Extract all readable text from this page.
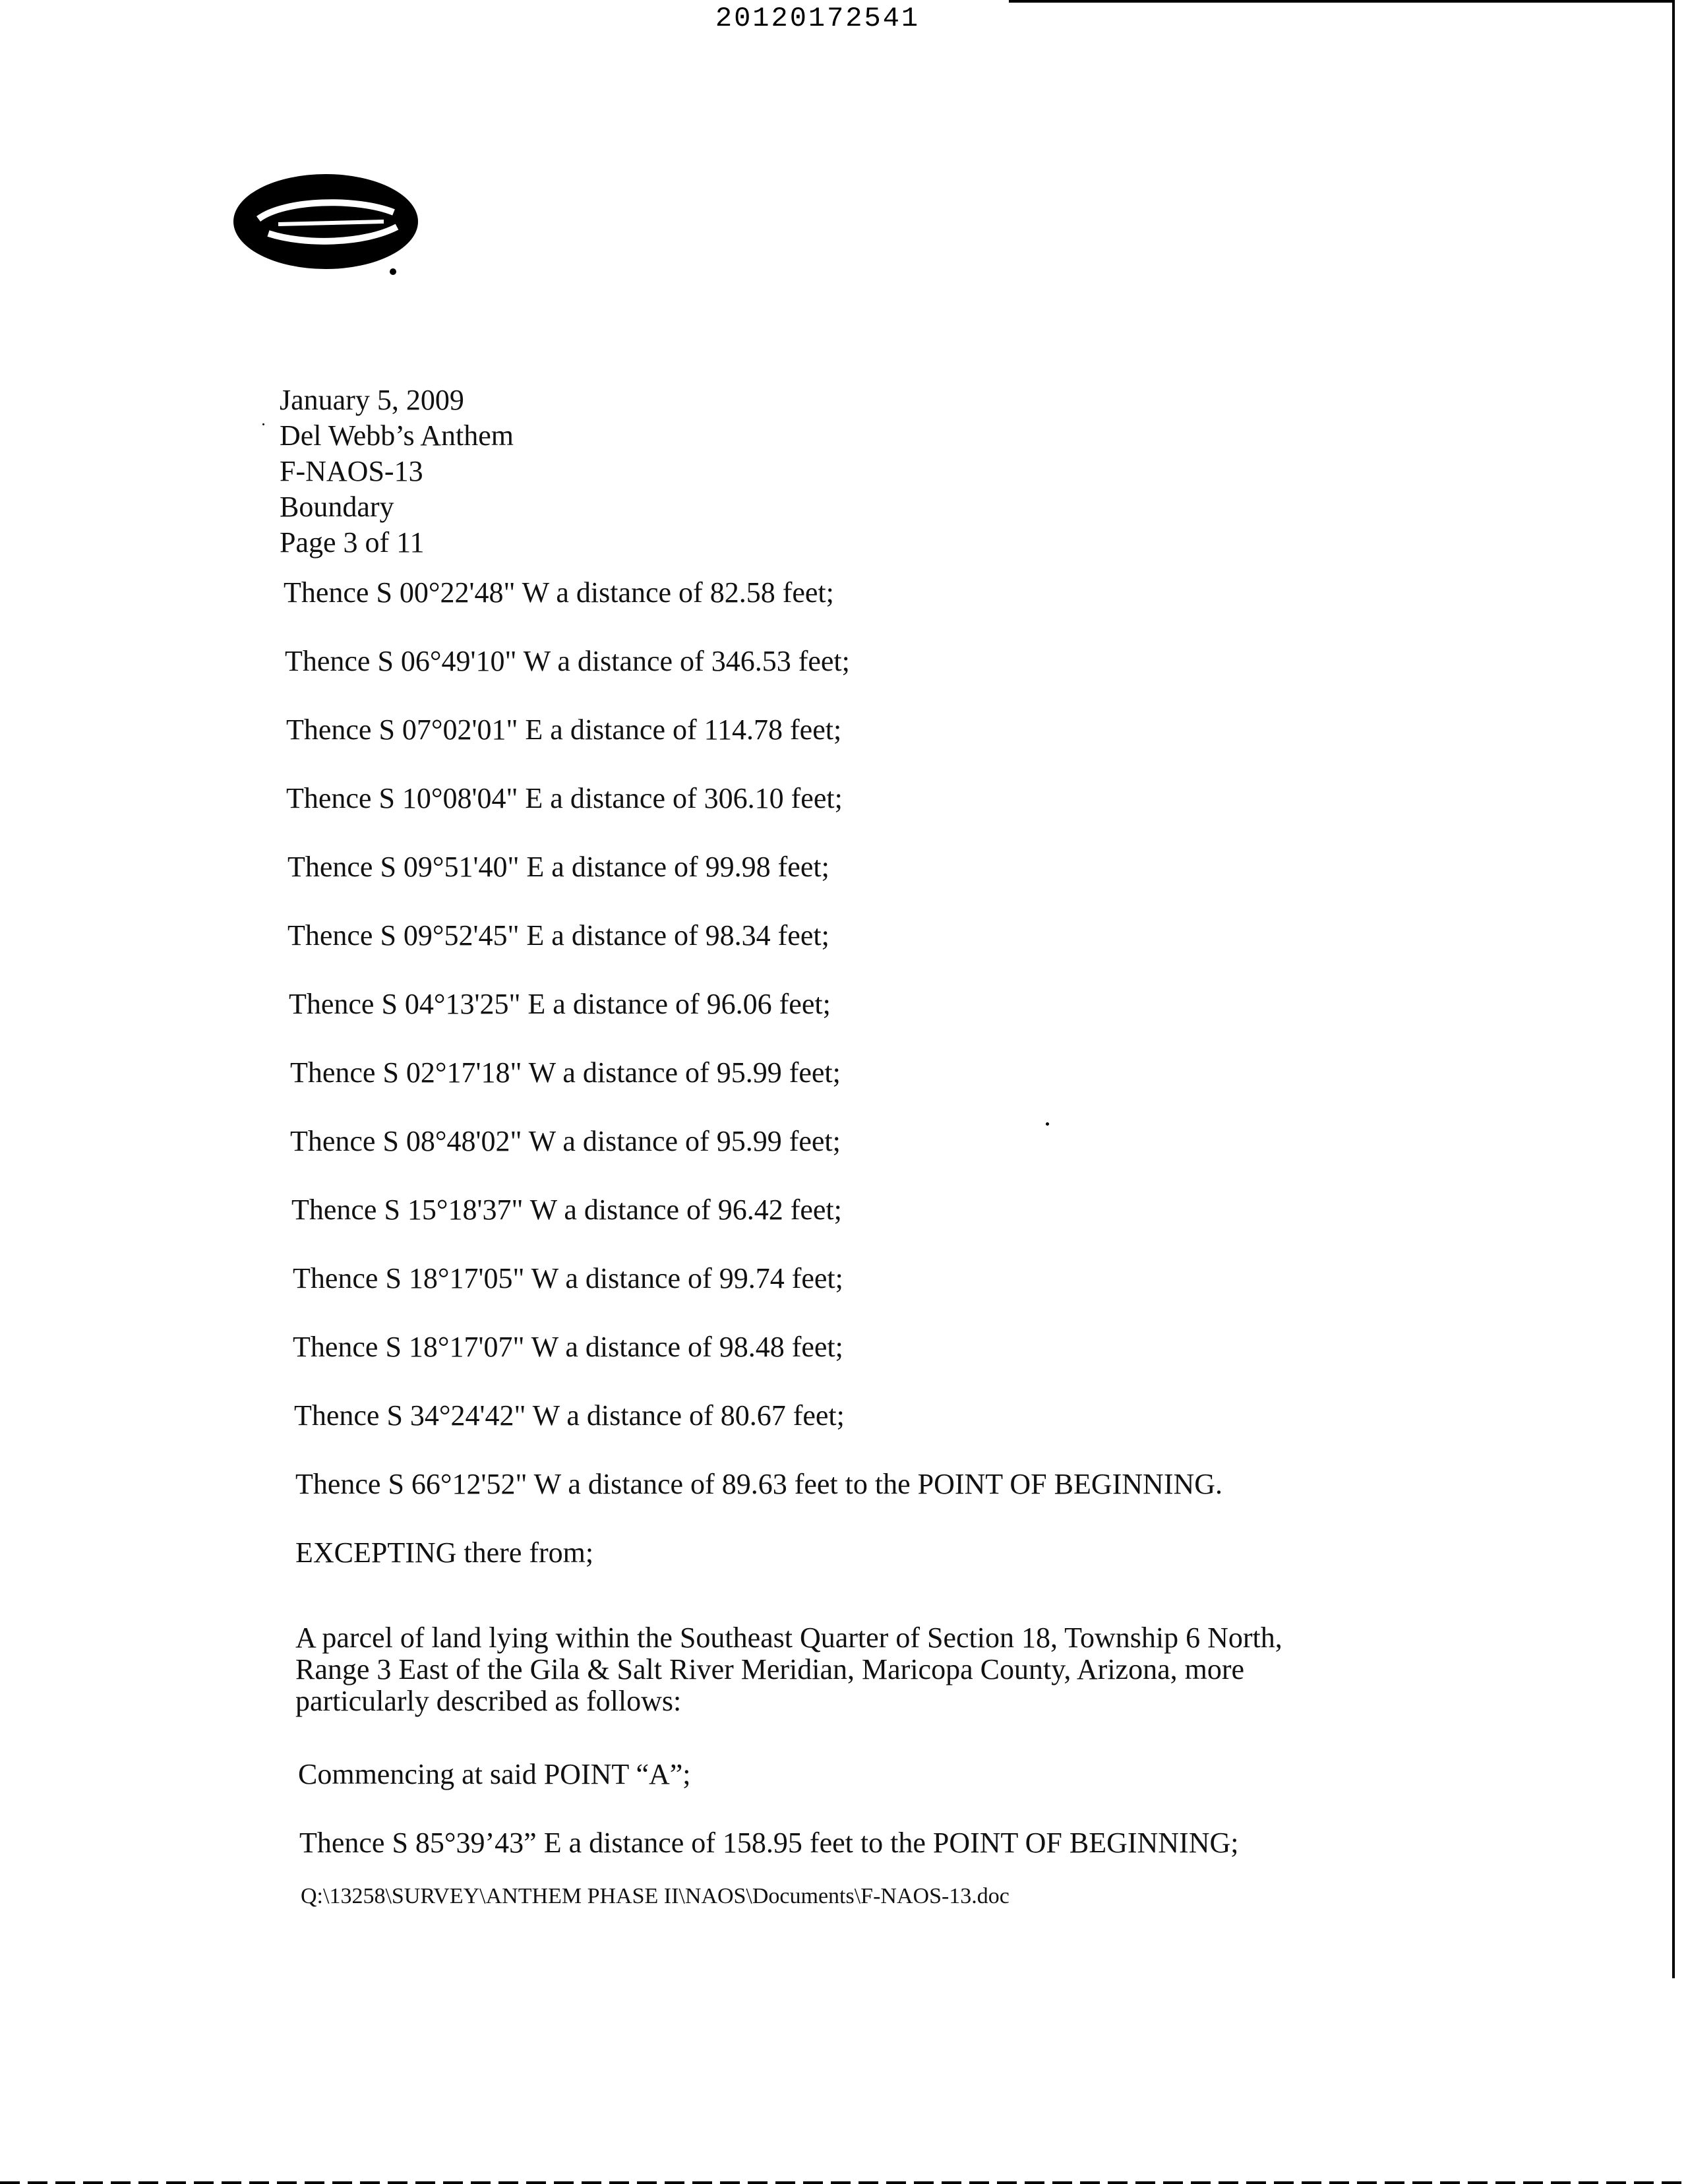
20120172541
January 5, 2009
Del Webb’s Anthem
F-NAOS-13
Boundary
Page 3 of 11
Thence S 00°22'48" W a distance of 82.58 feet;
Thence S 06°49'10" W a distance of 346.53 feet;
Thence S 07°02'01" E a distance of 114.78 feet;
Thence S 10°08'04" E a distance of 306.10 feet;
Thence S 09°51'40" E a distance of 99.98 feet;
Thence S 09°52'45" E a distance of 98.34 feet;
Thence S 04°13'25" E a distance of 96.06 feet;
Thence S 02°17'18" W a distance of 95.99 feet;
Thence S 08°48'02" W a distance of 95.99 feet;
Thence S 15°18'37" W a distance of 96.42 feet;
Thence S 18°17'05" W a distance of 99.74 feet;
Thence S 18°17'07" W a distance of 98.48 feet;
Thence S 34°24'42" W a distance of 80.67 feet;
Thence S 66°12'52" W a distance of 89.63 feet to the POINT OF BEGINNING.
EXCEPTING there from;
A parcel of land lying within the Southeast Quarter of Section 18, Township 6 North, Range 3 East of the Gila & Salt River Meridian, Maricopa County, Arizona, more particularly described as follows:
Commencing at said POINT “A”;
Thence S 85°39’43” E a distance of 158.95 feet to the POINT OF BEGINNING;
Q:\13258\SURVEY\ANTHEM PHASE II\NAOS\Documents\F-NAOS-13.doc
